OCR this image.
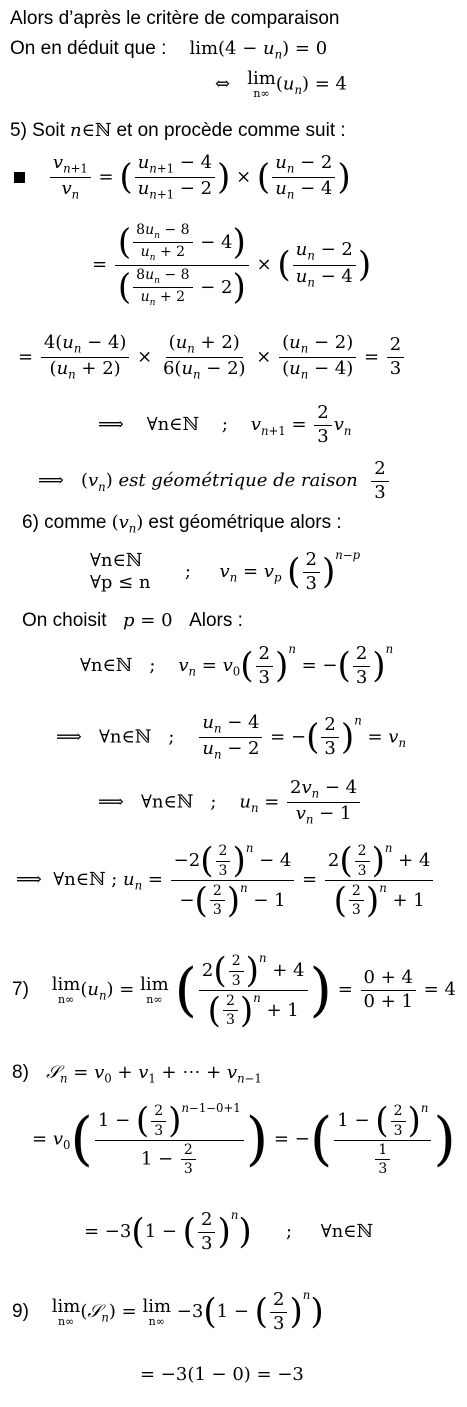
Alors d’après le critère de comparaison
On en déduit que : $\lim(4 - u_n) = 0$
⇔ lim
n∞ $(u_n) = 4$
5) Soit n∈ℕ et on procède comme suit :

$\frac{v_{n+1}}{v_n}$ = ( $\frac{u_{n+1} - 4}{u_{n+1} - 2}$ ) × ( $\frac{u_n - 2}{u_n - 4}$ )
= $\frac{( \frac{8u_n - 8}{u_n + 2} - 4)}{( \frac{8u_n - 8}{u_n + 2} - 2)}$ × ( $\frac{u_n - 2}{u_n - 4}$ )
= $\frac{4(u_n - 4)}{(u_n + 2)} \times \frac{(u_n + 2)}{6(u_n - 2)} \times \frac{(u_n - 2)}{(u_n - 4)} = \frac{2}{3}$
⟹    ∀n∈ℕ    ;    $v_{n+1} = \frac{2}{3} v_n$
⟹   $(v_n)$ est géométrique de raison $\frac{2}{3}$
6) comme $(v_n)$ est géométrique alors :
∀n∈ℕ
∀p ≤ n      ;     $v_n = v_p$ ( $\frac{2}{3} )^{n-p}$
On choisit p = 0   Alors :
∀n∈ℕ   ;    $v_n = v_0( \frac{2}{3} )^n$ = −( $\frac{2}{3} )^n$
⟹   ∀n∈ℕ   ; $\frac{u_n - 4}{u_n - 2}$ = −( $\frac{2}{3} )^n = v_n$
⟹   ∀n∈ℕ   ;    $u_n = \frac{2v_n - 4}{v_n - 1}$
⟹  ∀n∈ℕ ; $u_n = \frac{-2( \frac{2}{3} )^n - 4}{-( \frac{2}{3} )^n - 1} = \frac{2( \frac{2}{3} )^n + 4}{( \frac{2}{3} )^n + 1}$
7) lim
n∞ $(u_n) = \lim$
n∞ ( $\frac{2( \frac{2}{3} )^n + 4}{( \frac{2}{3} )^n + 1}$ ) = $\frac{0 + 4}{0 + 1} = 4$
8) 𝒮$_n$ = $v_0 + v_1$ + ⋯ + $v_{n-1}$
= $v_0( \frac{1 - ( \frac{2}{3} )^{n-1-0+1}}{1 - \frac{2}{3}}$ ) = −( $\frac{1 - ( \frac{2}{3} )^n}{\frac{1}{3}}$ )
= −3(1 − ( $\frac{2}{3} )^n$)      ;     ∀n∈ℕ
9) lim
n∞ (𝒮$_n$) = lim
n∞ −3(1 − ( $\frac{2}{3} )^n$)
= −3(1 − 0) = −3
